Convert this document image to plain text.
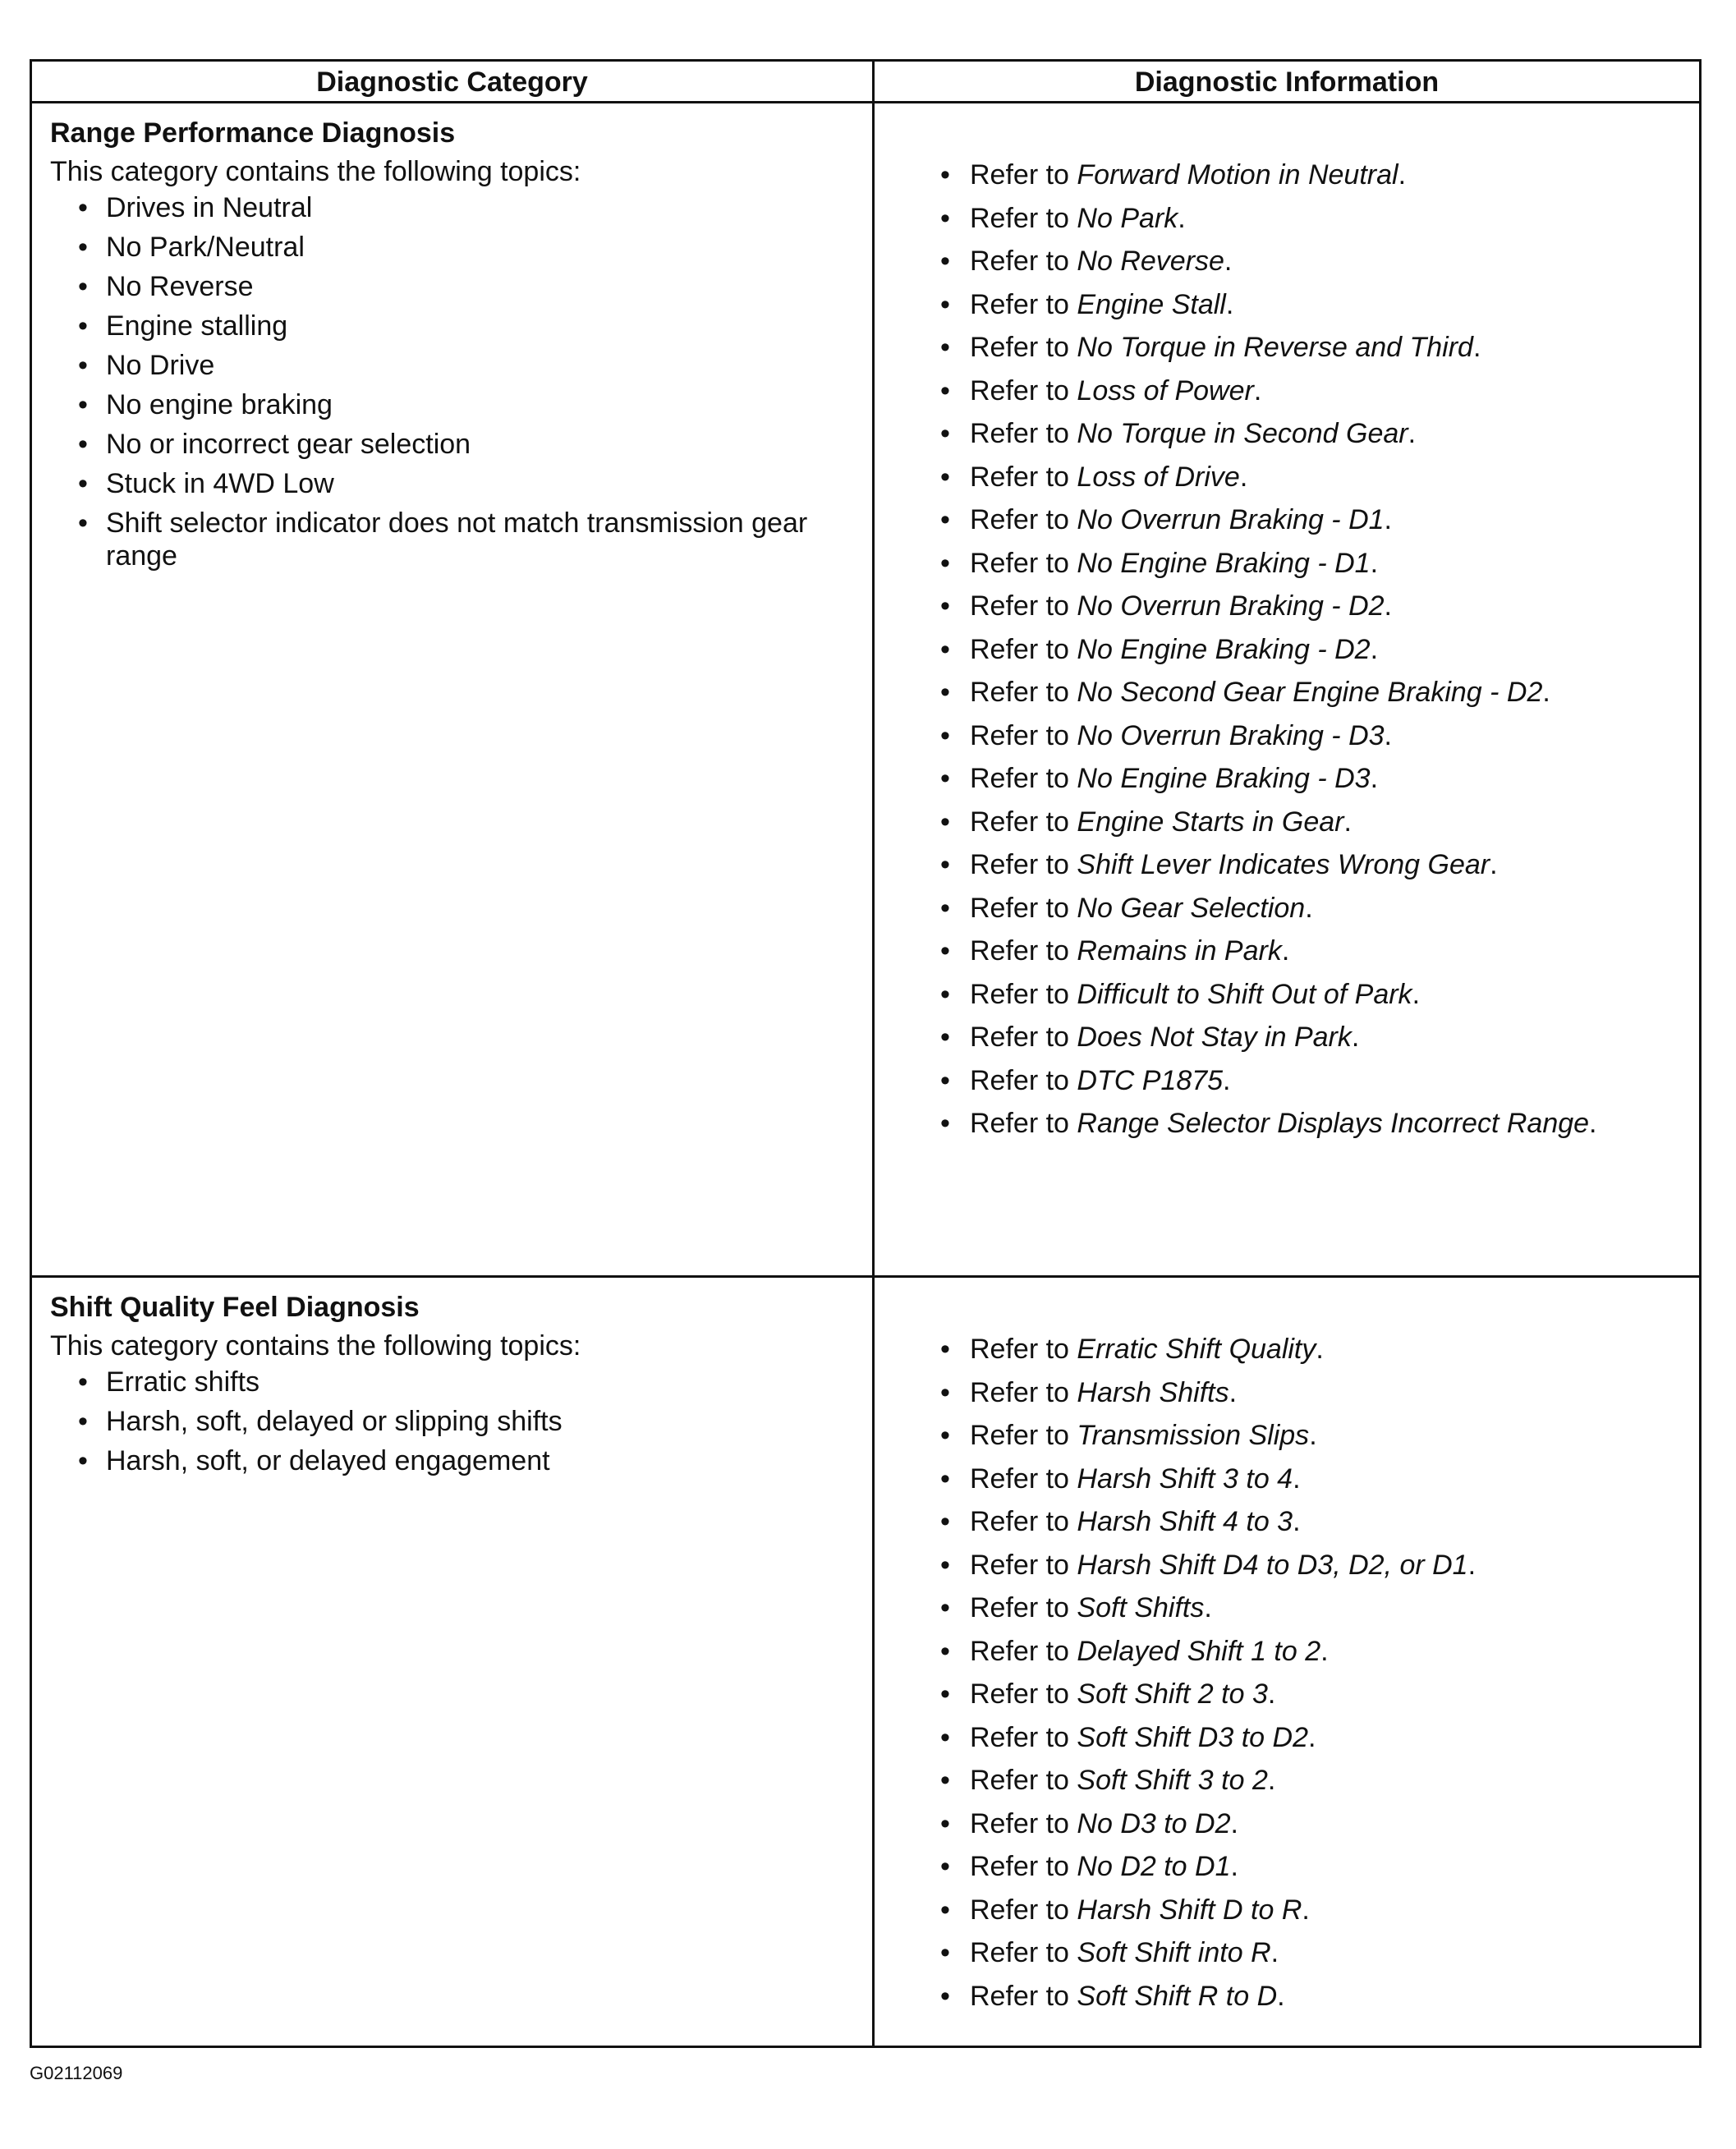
Diagnostic Category	Diagnostic Information
Range Performance Diagnosis
This category contains the following topics:
• Drives in Neutral
• No Park/Neutral
• No Reverse
• Engine stalling
• No Drive
• No engine braking
• No or incorrect gear selection
• Stuck in 4WD Low
• Shift selector indicator does not match transmission gear range
• Refer to Forward Motion in Neutral.
• Refer to No Park.
• Refer to No Reverse.
• Refer to Engine Stall.
• Refer to No Torque in Reverse and Third.
• Refer to Loss of Power.
• Refer to No Torque in Second Gear.
• Refer to Loss of Drive.
• Refer to No Overrun Braking - D1.
• Refer to No Engine Braking - D1.
• Refer to No Overrun Braking - D2.
• Refer to No Engine Braking - D2.
• Refer to No Second Gear Engine Braking - D2.
• Refer to No Overrun Braking - D3.
• Refer to No Engine Braking - D3.
• Refer to Engine Starts in Gear.
• Refer to Shift Lever Indicates Wrong Gear.
• Refer to No Gear Selection.
• Refer to Remains in Park.
• Refer to Difficult to Shift Out of Park.
• Refer to Does Not Stay in Park.
• Refer to DTC P1875.
• Refer to Range Selector Displays Incorrect Range.
Shift Quality Feel Diagnosis
This category contains the following topics:
• Erratic shifts
• Harsh, soft, delayed or slipping shifts
• Harsh, soft, or delayed engagement
• Refer to Erratic Shift Quality.
• Refer to Harsh Shifts.
• Refer to Transmission Slips.
• Refer to Harsh Shift 3 to 4.
• Refer to Harsh Shift 4 to 3.
• Refer to Harsh Shift D4 to D3, D2, or D1.
• Refer to Soft Shifts.
• Refer to Delayed Shift 1 to 2.
• Refer to Soft Shift 2 to 3.
• Refer to Soft Shift D3 to D2.
• Refer to Soft Shift 3 to 2.
• Refer to No D3 to D2.
• Refer to No D2 to D1.
• Refer to Harsh Shift D to R.
• Refer to Soft Shift into R.
• Refer to Soft Shift R to D.
G02112069
